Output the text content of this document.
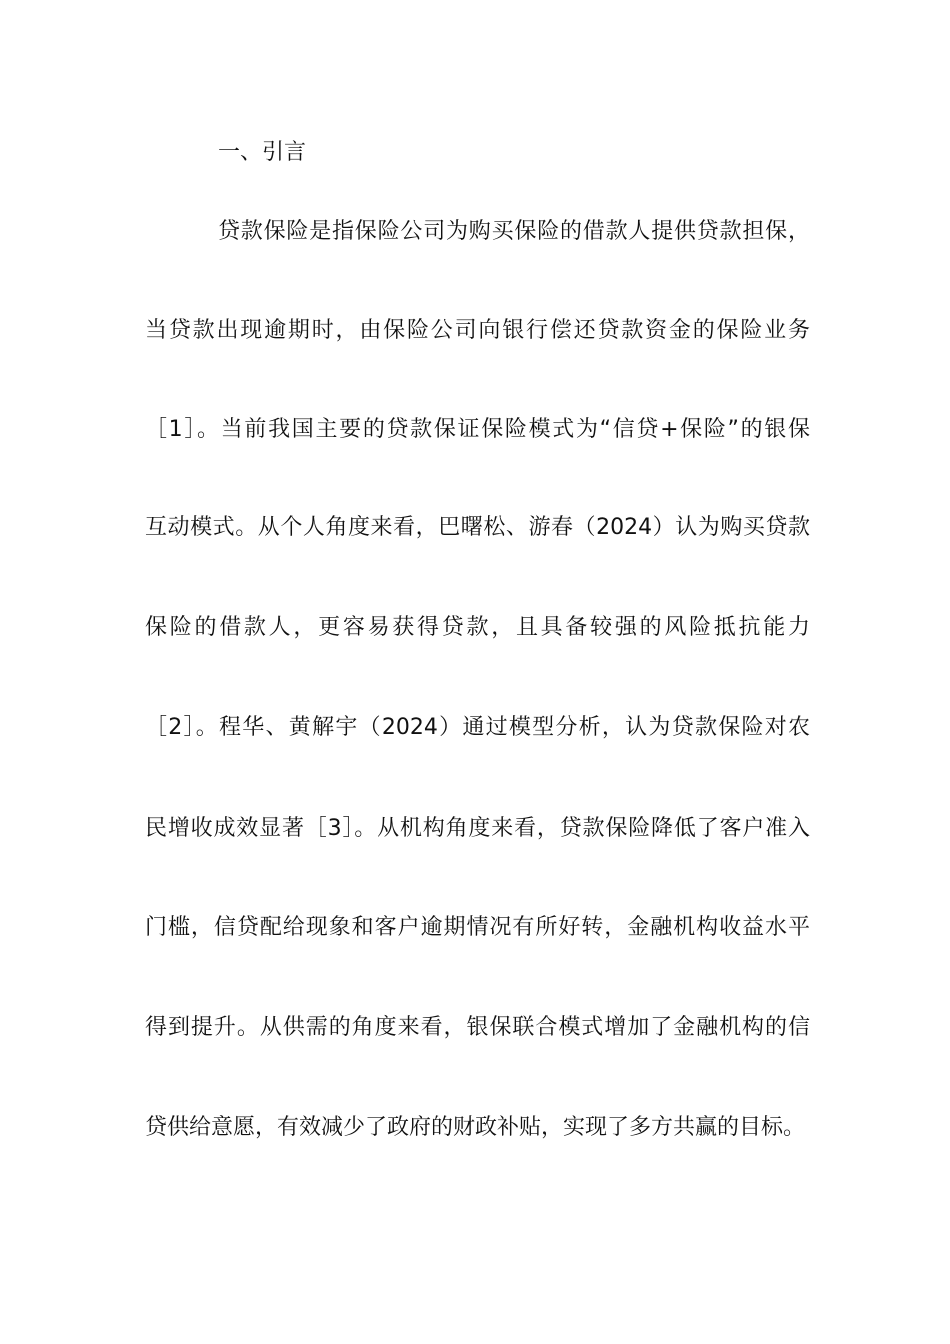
一、引言
贷款保险是指保险公司为购买保险的借款人提供贷款担保，
当贷款出现逾期时，由保险公司向银行偿还贷款资金的保险业务
［1］。当前我国主要的贷款保证保险模式为“信贷+保险”的银保
互动模式。从个人角度来看，巴曙松、游春（2024）认为购买贷款
保险的借款人，更容易获得贷款，且具备较强的风险抵抗能力
［2］。程华、黄解宇（2024）通过模型分析，认为贷款保险对农
民增收成效显著［3］。从机构角度来看，贷款保险降低了客户准入
门槛，信贷配给现象和客户逾期情况有所好转，金融机构收益水平
得到提升。从供需的角度来看，银保联合模式增加了金融机构的信
贷供给意愿，有效减少了政府的财政补贴，实现了多方共赢的目标。
